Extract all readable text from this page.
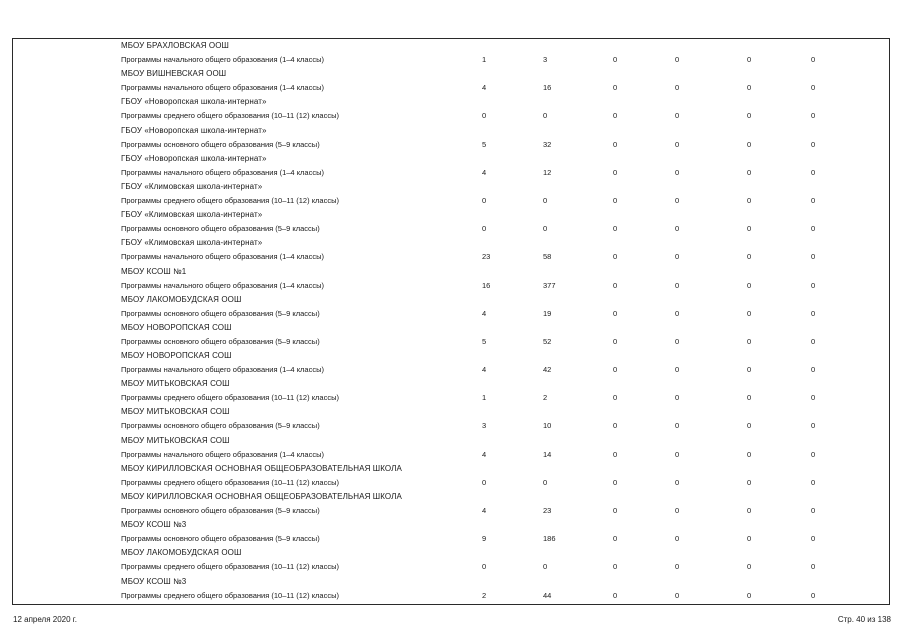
МБОУ БРАХЛОВСКАЯ ООШ
Программы начального общего образования (1–4 классы)	1	3	0	0	0	0
МБОУ ВИШНЕВСКАЯ ООШ
Программы начального общего образования (1–4 классы)	4	16	0	0	0	0
ГБОУ «Новоропская школа-интернат»
Программы среднего общего образования (10–11 (12) классы)	0	0	0	0	0	0
ГБОУ «Новоропская школа-интернат»
Программы основного общего образования (5–9 классы)	5	32	0	0	0	0
ГБОУ «Новоропская школа-интернат»
Программы начального общего образования (1–4 классы)	4	12	0	0	0	0
ГБОУ «Климовская школа-интернат»
Программы среднего общего образования (10–11 (12) классы)	0	0	0	0	0	0
ГБОУ «Климовская школа-интернат»
Программы основного общего образования (5–9 классы)	0	0	0	0	0	0
ГБОУ «Климовская школа-интернат»
Программы начального общего образования (1–4 классы)	23	58	0	0	0	0
МБОУ КСОШ №1
Программы начального общего образования (1–4 классы)	16	377	0	0	0	0
МБОУ ЛАКОМОБУДСКАЯ ООШ
Программы основного общего образования (5–9 классы)	4	19	0	0	0	0
МБОУ НОВОРОПСКАЯ СОШ
Программы основного общего образования (5–9 классы)	5	52	0	0	0	0
МБОУ НОВОРОПСКАЯ СОШ
Программы начального общего образования (1–4 классы)	4	42	0	0	0	0
МБОУ МИТЬКОВСКАЯ СОШ
Программы среднего общего образования (10–11 (12) классы)	1	2	0	0	0	0
МБОУ МИТЬКОВСКАЯ СОШ
Программы основного общего образования (5–9 классы)	3	10	0	0	0	0
МБОУ МИТЬКОВСКАЯ СОШ
Программы начального общего образования (1–4 классы)	4	14	0	0	0	0
МБОУ КИРИЛЛОВСКАЯ ОСНОВНАЯ ОБЩЕОБРАЗОВАТЕЛЬНАЯ ШКОЛА
Программы среднего общего образования (10–11 (12) классы)	0	0	0	0	0	0
МБОУ КИРИЛЛОВСКАЯ ОСНОВНАЯ ОБЩЕОБРАЗОВАТЕЛЬНАЯ ШКОЛА
Программы основного общего образования (5–9 классы)	4	23	0	0	0	0
МБОУ КСОШ №3
Программы основного общего образования (5–9 классы)	9	186	0	0	0	0
МБОУ ЛАКОМОБУДСКАЯ ООШ
Программы среднего общего образования (10–11 (12) классы)	0	0	0	0	0	0
МБОУ КСОШ №3
Программы среднего общего образования (10–11 (12) классы)	2	44	0	0	0	0
12 апреля 2020 г.	Стр. 40 из 138
